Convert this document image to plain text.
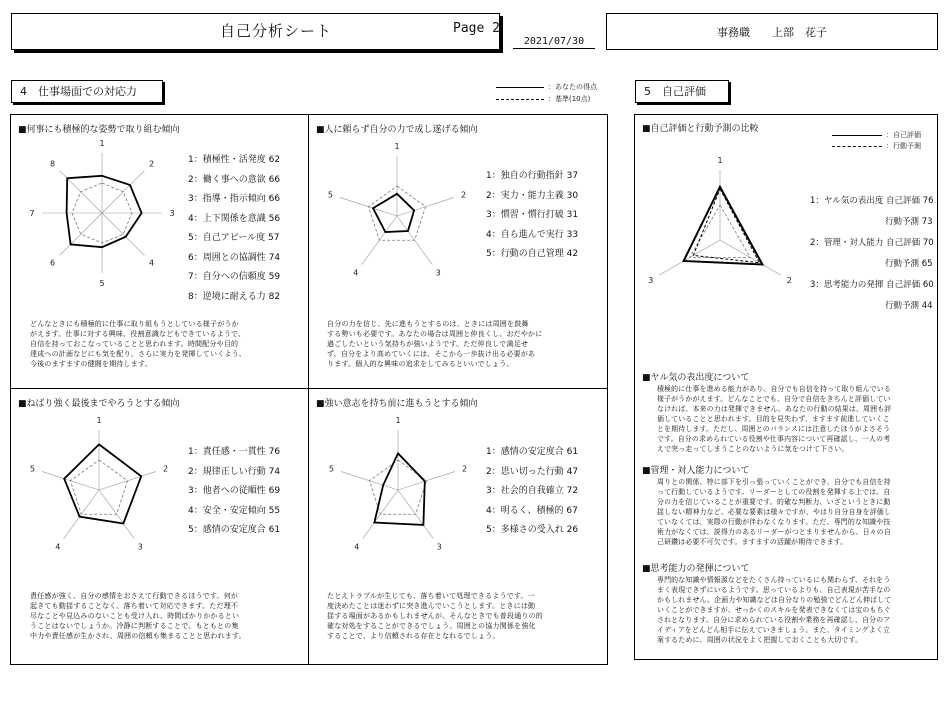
自己分析シート	Page 2
2021/07/30
事務職　　上部　花子
4　仕事場面での対応力	：あなたの得点
：基準(10点)
5　自己評価
■何事にも積極的な姿勢で取り組む傾向
1
2
3
4
5
6
7
8	1：積極性・活発度 62
2：働く事への意欲 66
3：指導・指示傾向 66
4：上下関係を意識 56
5：自己アピール度 57
6：周囲との協調性 74
7：自分への信頼度 59
8：逆境に耐える力 82
どんなときにも積極的に仕事に取り組もうとしている様子がうか
がえます。仕事に対する興味、役割意識などもできているようで、
自信を持っておこなっていることと思われます。時間配分や目的
達成への計画などにも気を配り、さらに実力を発揮していくよう、
今後のますますの健闘を期待します。
■人に頼らず自分の力で成し遂げる傾向
1
2
3
4
5
1：独自の行動指針 37
2：実力・能力主義 30
3：慣習・慣行打破 31
4：自ら進んで実行 33
5：行動の自己管理 42
自分の力を信じ、先に進もうとするのは、ときには周囲を鼓舞
する勢いも必要です。あなたの場合は周囲と仲良くし、おだやかに
過ごしたいという気持ちが強いようです。ただ仲良しで満足せ
ず、自分をより高めていくには、そこから一歩抜け出る必要があ
ります。個人的な興味の追求をしてみるといいでしょう。
■ねばり強く最後までやろうとする傾向
1
2
3
4
5
1：責任感・一貫性 76
2：規律正しい行動 74
3：他者への従順性 69
4：安全・安定傾向 55
5：感情の安定度合 61
責任感が強く、自分の感情をおさえて行動できるほうです。何が
起きても動揺することなく、落ち着いて対応できます。ただ理不
尽なことや見込みのないことも受け入れ、時間ばかりかかるとい
うことはないでしょうか。冷静に判断することで、もともとの集
中力や責任感が生かされ、周囲の信頼も集まることと思われます。
■強い意志を持ち前に進もうとする傾向
1
2
3
4
5
1：感情の安定度合 61
2：思い切った行動 47
3：社会的自我確立 72
4：明るく、積極的 67
5：多様さの受入れ 26
たとえトラブルが生じても、落ち着いて処理できるようです。一
度決めたことは迷わずに突き進んでいこうとします。ときには動
揺する場面があるかもしれませんが、そんなときでも普段通りの的
確な対処をすることができるでしょう。周囲との協力関係を強化
することで、より信頼される存在となれるでしょう。
■自己評価と行動予測の比較
：自己評価
：行動予測
1
2
3
1：ヤル気の表出度 自己評価 76
行動予測 73
2：管理・対人能力 自己評価 70
行動予測 65
3：思考能力の発揮 自己評価 60
行動予測 44
■ヤル気の表出度について
積極的に仕事を進める能力があり、自分でも自信を持って取り組んでいる
様子がうかがえます。どんなことでも、自分で自信をきちんと評価してい
なければ、本来の力は発揮できません。あなたの行動の結果は、周囲も評
価していることと思われます。目的を見失わず、ますます前進していくこ
とを期待します。ただし、周囲とのバランスには注意したほうがよさそう
です。自分の求められている役割や仕事内容について再確認し、一人の考
えで突っ走ってしまうことのないように気をつけて下さい。
■管理・対人能力について
周りとの関係、特に部下を引っ張っていくことができ、自分でも自信を持
って行動しているようです。リーダーとしての役割を発揮する上では、自
分の力を信じていることが重要です。的確な判断力、いざというときに動
揺しない精神力など、必要な要素は様々ですが、やはり自分自身を評価し
ていなくては、実際の行動が伴わなくなります。ただ、専門的な知識や技
術力がなくては、説得力のあるリーダーがつとまりませんから、日々の自
己研鑽は必要不可欠です。ますますの活躍が期待できます。
■思考能力の発揮について
専門的な知識や情報源などをたくさん持っているにも関わらず、それをう
まく表現できずにいるようです。思っているよりも、自己表現が苦手なの
かもしれません。企画力や知識などは自分なりの勉強でどんどん伸ばして
いくことができますが、せっかくのスキルを発表できなくては宝のもちぐ
されとなります。自分に求められている役割や業務を再確認し、自分のア
イディアをどんどん相手に伝えていきましょう。また、タイミングよく立
案するために、周囲の状況をよく把握しておくことも大切です。
